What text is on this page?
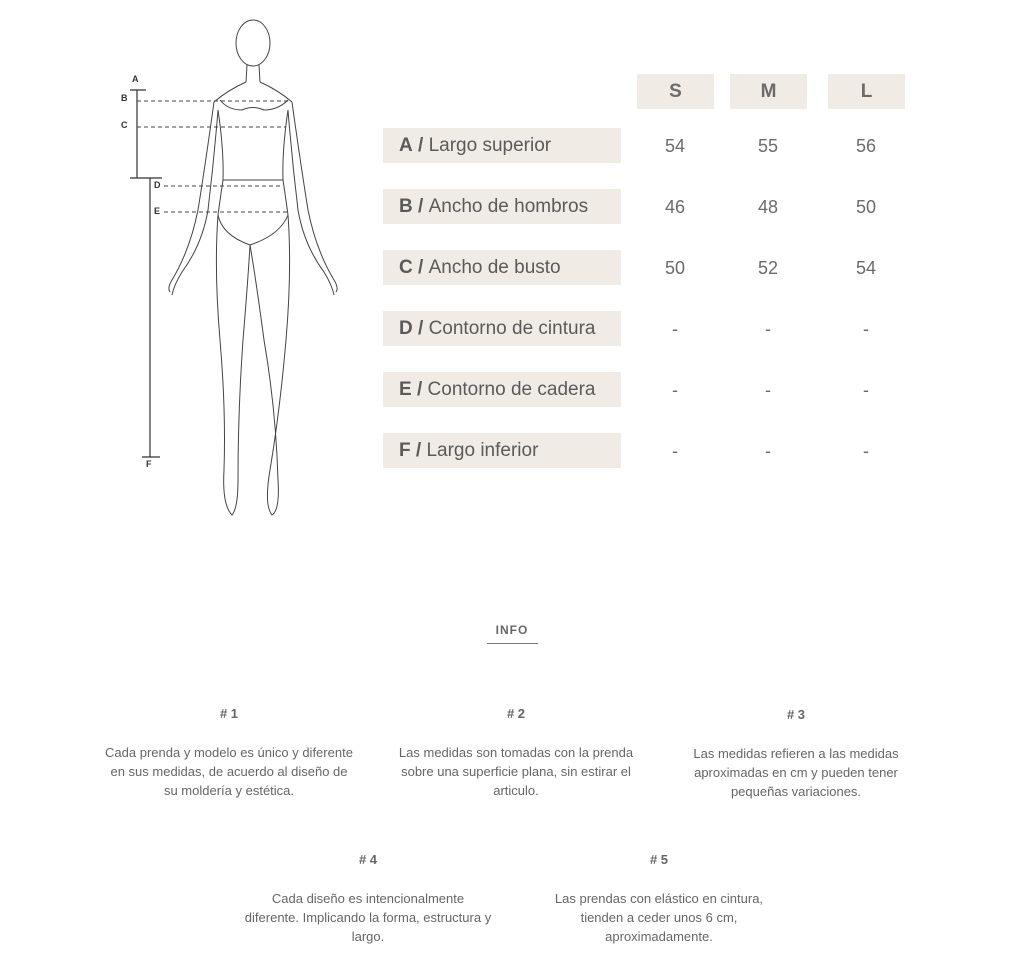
A
B
C
D
E
F
S	M	L
A / Largo superior	54	55	56
B / Ancho de hombros	46	48	50
C / Ancho de busto	50	52	54
D / Contorno de cintura	-	-	-
E / Contorno de cadera	-	-	-
F / Largo inferior	-	-	-
INFO
# 1
Cada prenda y modelo es único y diferente en sus medidas, de acuerdo al diseño de su moldería y estética.
# 2
Las medidas son tomadas con la prenda sobre una superficie plana, sin estirar el articulo.
# 3
Las medidas refieren a las medidas aproximadas en cm y pueden tener pequeñas variaciones.
# 4
Cada diseño es intencionalmente diferente. Implicando la forma, estructura y largo.
# 5
Las prendas con elástico en cintura, tienden a ceder unos 6 cm, aproximadamente.
